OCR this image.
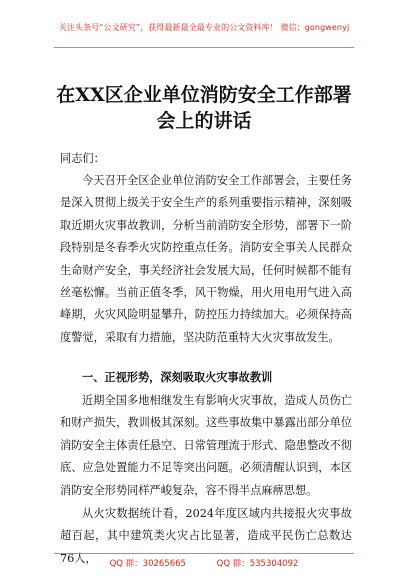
关注头条号“公文研究”，获得最新最全最专业的公文资料库！ 微信：gongwenyj
在XX区企业单位消防安全工作部署会上的讲话
同志们：
今天召开全区企业单位消防安全工作部署会，主要任务是深入贯彻上级关于安全生产的系列重要指示精神，深刻吸取近期火灾事故教训，分析当前消防安全形势，部署下一阶段特别是冬春季火灾防控重点任务。消防安全事关人民群众生命财产安全，事关经济社会发展大局，任何时候都不能有丝毫松懈。当前正值冬季，风干物燥，用火用电用气进入高峰期，火灾风险明显攀升，防控压力持续加大。必须保持高度警觉，采取有力措施，坚决防范重特大火灾事故发生。
一、正视形势，深刻吸取火灾事故教训
近期全国多地相继发生有影响火灾事故，造成人员伤亡和财产损失，教训极其深刻。这些事故集中暴露出部分单位消防安全主体责任悬空、日常管理流于形式、隐患整改不彻底、应急处置能力不足等突出问题。必须清醒认识到，本区消防安全形势同样严峻复杂，容不得半点麻痹思想。
从火灾数据统计看，2024年度区域内共接报火灾事故超百起，其中建筑类火灾占比显著，造成平民伤亡总数达76人，	QQ 群：30265665	QQ 群：535304092
